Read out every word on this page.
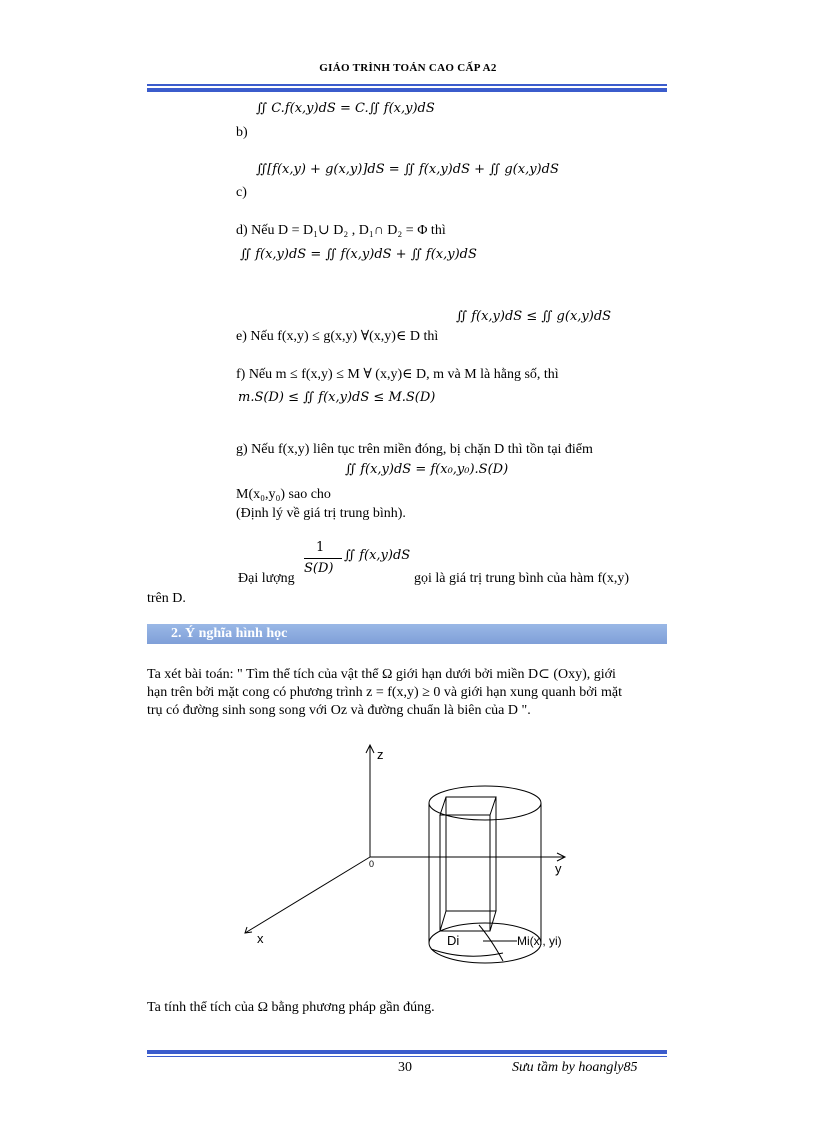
GIÁO TRÌNH TOÁN CAO CẤP A2
b)
∬ C.f(x,y)dS = C.∬ f(x,y)dS
c)
∬[f(x,y) + g(x,y)]dS = ∬ f(x,y)dS + ∬ g(x,y)dS
d) Nếu D = D₁∪ D₂ , D₁∩ D₂ = Φ thì
∬ f(x,y)dS = ∬ f(x,y)dS + ∬ f(x,y)dS
e) Nếu f(x,y) ≤ g(x,y) ∀(x,y)∈ D thì
∬ f(x,y)dS ≤ ∬ g(x,y)dS
f) Nếu m ≤ f(x,y) ≤ M ∀ (x,y)∈ D, m và M là hằng số, thì
m.S(D) ≤ ∬ f(x,y)dS ≤ M.S(D)
g) Nếu f(x,y) liên tục trên miền đóng, bị chặn D thì tồn tại điểm
∬ f(x,y)dS = f(x₀,y₀).S(D)
M(x₀,y₀) sao cho
(Định lý về giá trị trung bình).
Đại lượng
1
S(D)
∬ f(x,y)dS
gọi là giá trị trung bình của hàm f(x,y)
trên D.
2. Ý nghĩa hình học
Ta xét bài toán: " Tìm thể tích của vật thể Ω giới hạn dưới bởi miền D⊂ (Oxy), giới
hạn trên bởi mặt cong có phương trình z = f(x,y) ≥ 0 và giới hạn xung quanh bởi mặt
trụ có đường sinh song song với Oz và đường chuẩn là biên của D ".
z
y
x
0
Di	Mi(xi, yi)
Ta tính thể tích của Ω bằng phương pháp gần đúng.
30	Sưu tầm by hoangly85
